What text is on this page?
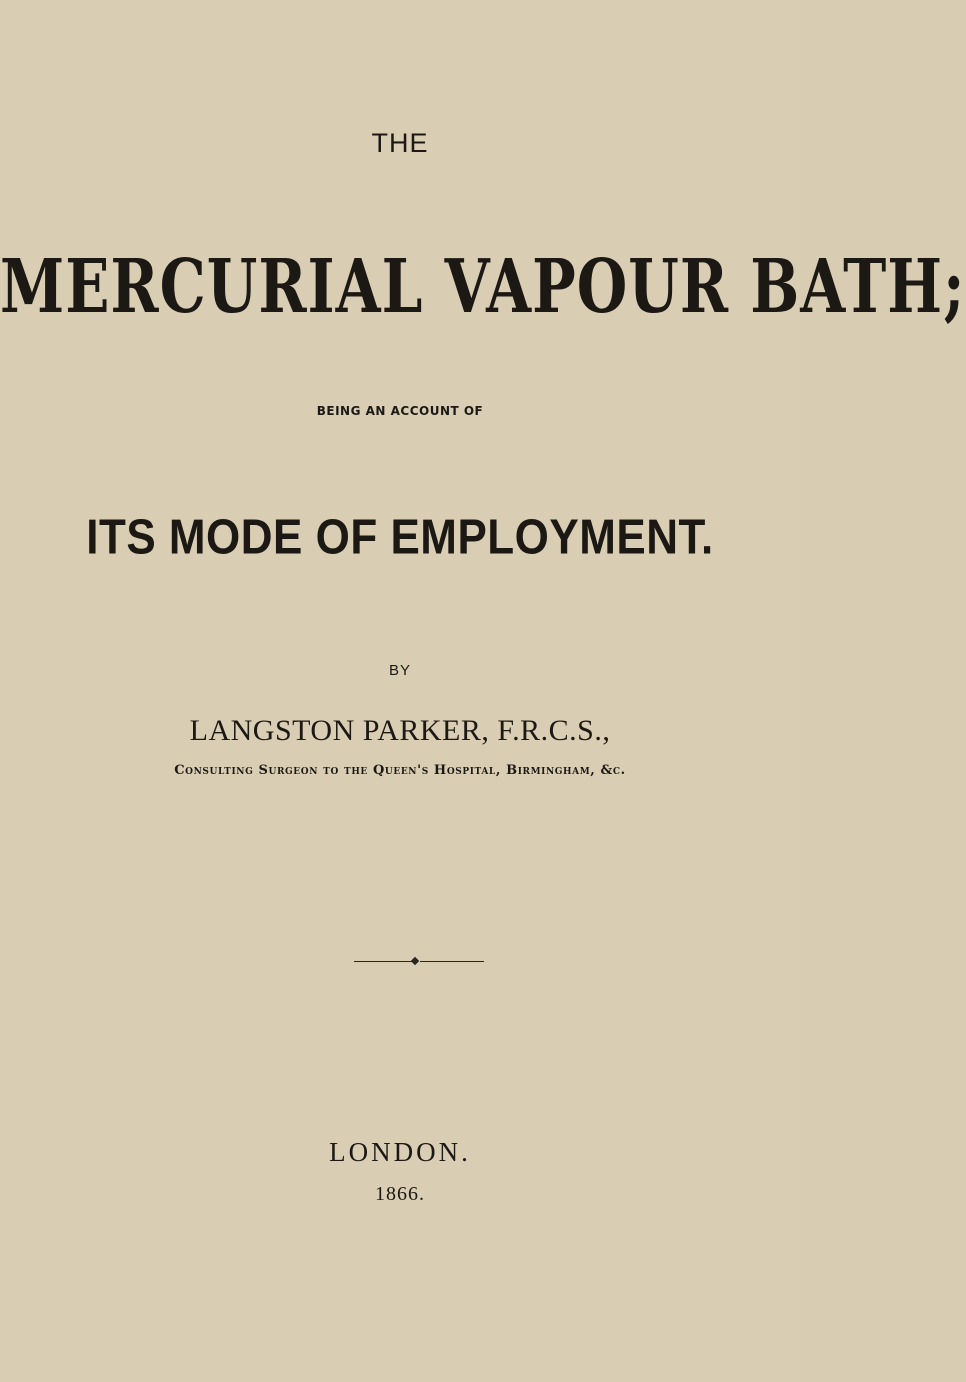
THE
MERCURIAL VAPOUR BATH;
BEING AN ACCOUNT OF
ITS MODE OF EMPLOYMENT.
BY
LANGSTON PARKER, F.R.C.S.,
Consulting Surgeon to the Queen's Hospital, Birmingham, &c.
LONDON.
1866.
